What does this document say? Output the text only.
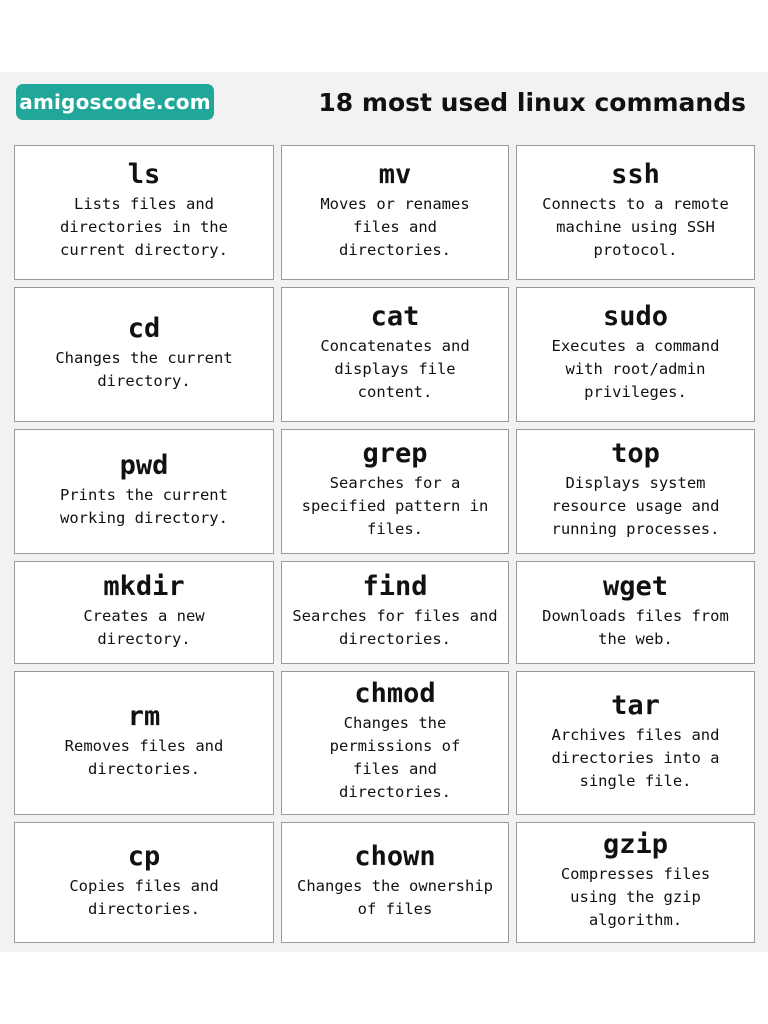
amigoscode.com	18 most used linux commands
ls
Lists files and directories in the current directory.
mv
Moves or renames files and directories.
ssh
Connects to a remote machine using SSH protocol.
cd
Changes the current directory.
cat
Concatenates and displays file content.
sudo
Executes a command with root/admin privileges.
pwd
Prints the current working directory.
grep
Searches for a specified pattern in files.
top
Displays system resource usage and running processes.
mkdir
Creates a new directory.
find
Searches for files and directories.
wget
Downloads files from the web.
rm
Removes files and directories.
chmod
Changes the permissions of files and directories.
tar
Archives files and directories into a single file.
cp
Copies files and directories.
chown
Changes the ownership of files
gzip
Compresses files using the gzip algorithm.
